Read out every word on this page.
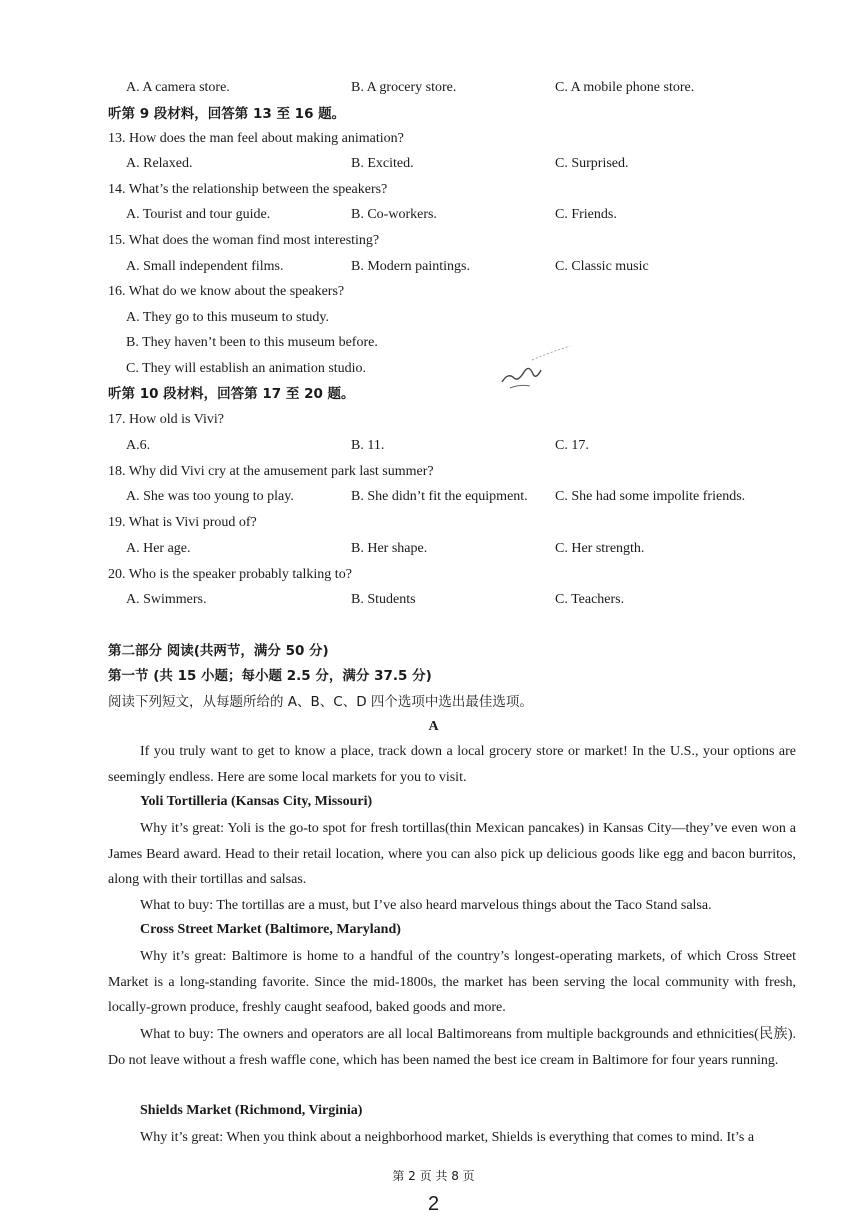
A. A camera store.	B. A grocery store.	C. A mobile phone store.
听第 9 段材料，回答第 13 至 16 题。
13. How does the man feel about making animation?
A. Relaxed.	B. Excited.	C. Surprised.
14. What’s the relationship between the speakers?
A. Tourist and tour guide.	B. Co-workers.	C. Friends.
15. What does the woman find most interesting?
A. Small independent films.	B. Modern paintings.	C. Classic music
16. What do we know about the speakers?
A. They go to this museum to study.
B. They haven’t been to this museum before.
C. They will establish an animation studio.
听第 10 段材料，回答第 17 至 20 题。
17. How old is Vivi?
A.6.	B. 11.	C. 17.
18. Why did Vivi cry at the amusement park last summer?
A. She was too young to play.	B. She didn’t fit the equipment. C. She had some impolite friends.
19. What is Vivi proud of?
A. Her age.	B. Her shape.	C. Her strength.
20. Who is the speaker probably talking to?
A. Swimmers.	B. Students	C. Teachers.
第二部分 阅读(共两节，满分 50 分)
第一节 (共 15 小题；每小题 2.5 分，满分 37.5 分)
阅读下列短文，从每题所给的 A、B、C、D 四个选项中选出最佳选项。
A
If you truly want to get to know a place, track down a local grocery store or market! In the U.S., your options are seemingly endless. Here are some local markets for you to visit.
Yoli Tortilleria (Kansas City, Missouri)
Why it’s great: Yoli is the go-to spot for fresh tortillas(thin Mexican pancakes) in Kansas City—they’ve even won a James Beard award. Head to their retail location, where you can also pick up delicious goods like egg and bacon burritos, along with their tortillas and salsas.
What to buy: The tortillas are a must, but I’ve also heard marvelous things about the Taco Stand salsa.
Cross Street Market (Baltimore, Maryland)
Why it’s great: Baltimore is home to a handful of the country’s longest-operating markets, of which Cross Street Market is a long-standing favorite. Since the mid-1800s, the market has been serving the local community with fresh, locally-grown produce, freshly caught seafood, baked goods and more.
What to buy: The owners and operators are all local Baltimoreans from multiple backgrounds and ethnicities(民族). Do not leave without a fresh waffle cone, which has been named the best ice cream in Baltimore for four years running.
Shields Market (Richmond, Virginia)
Why it’s great: When you think about a neighborhood market, Shields is everything that comes to mind. It’s a
第 2 页 共 8 页
2
